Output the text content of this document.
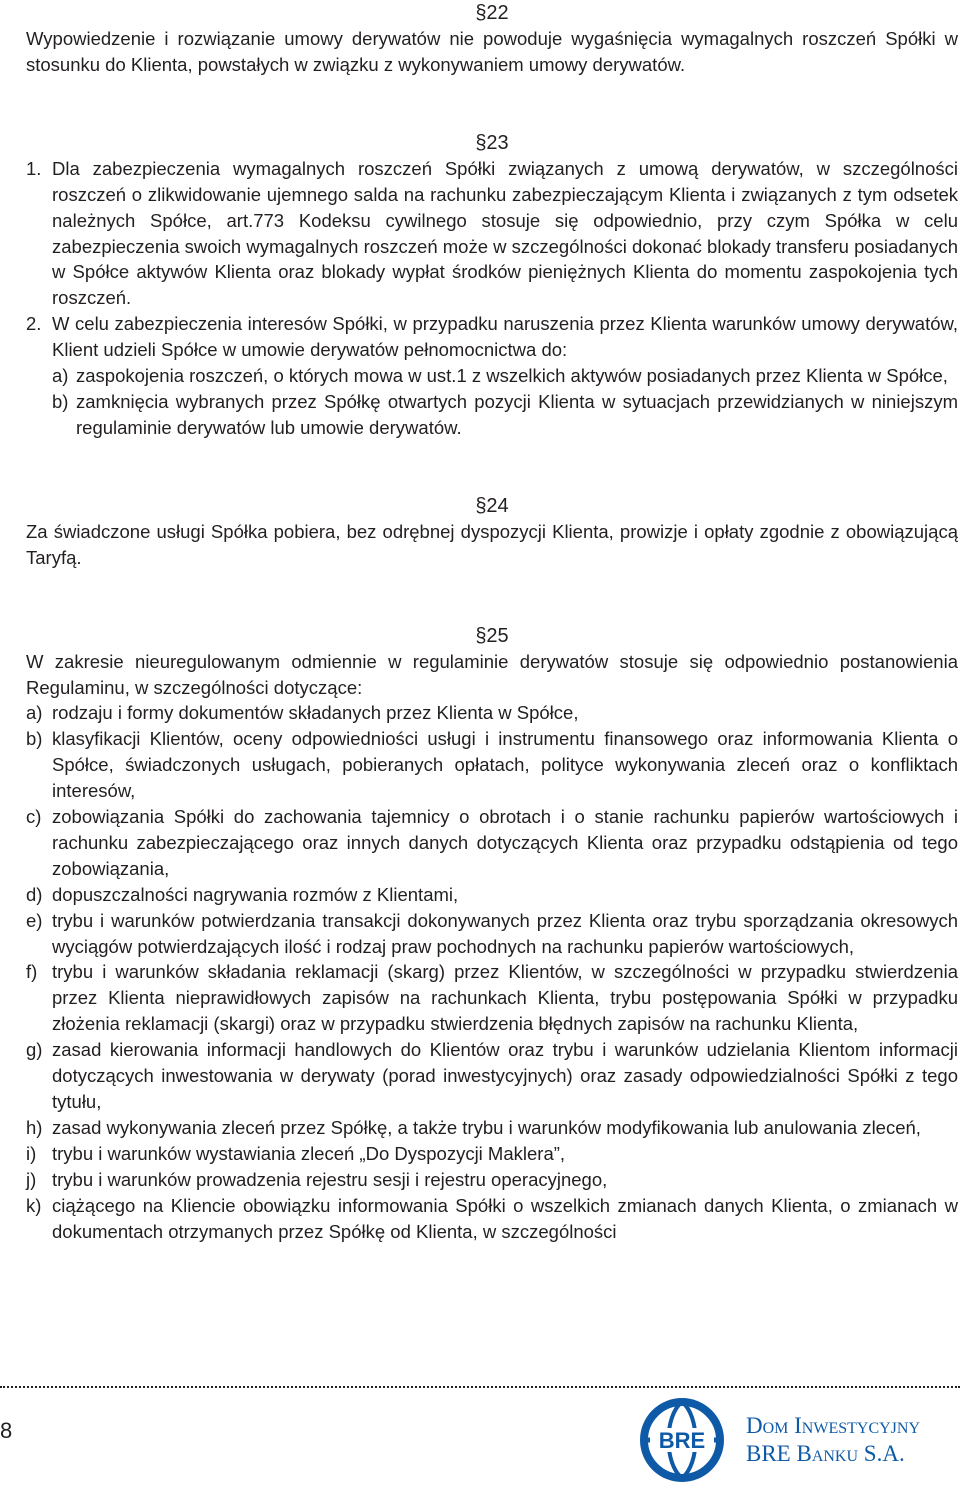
§22

Wypowiedzenie i rozwiązanie umowy derywatów nie powoduje wygaśnięcia wymagalnych roszczeń Spółki w stosunku do Klienta, powstałych w związku z wykonywaniem umowy derywatów.

§23
1. Dla zabezpieczenia wymagalnych roszczeń Spółki związanych z umową derywatów, w szczególności roszczeń o zlikwidowanie ujemnego salda na rachunku zabezpieczającym Klienta i związanych z tym odsetek należnych Spółce, art.773 Kodeksu cywilnego stosuje się odpowiednio, przy czym Spółka w celu zabezpieczenia swoich wymagalnych roszczeń może w szczególności dokonać blokady transferu posiadanych w Spółce aktywów Klienta oraz blokady wypłat środków pieniężnych Klienta do momentu zaspokojenia tych roszczeń.
2. W celu zabezpieczenia interesów Spółki, w przypadku naruszenia przez Klienta warunków umowy derywatów, Klient udzieli Spółce w umowie derywatów pełnomocnictwa do:
a) zaspokojenia roszczeń, o których mowa w ust.1 z wszelkich aktywów posiadanych przez Klienta w Spółce,
b) zamknięcia wybranych przez Spółkę otwartych pozycji Klienta w sytuacjach przewidzianych w niniejszym regulaminie derywatów lub umowie derywatów.
§24

Za świadczone usługi Spółka pobiera, bez odrębnej dyspozycji Klienta, prowizje i opłaty zgodnie z obowiązującą Taryfą.

§25

W zakresie nieuregulowanym odmiennie w regulaminie derywatów stosuje się odpowiednio postanowienia Regulaminu, w szczególności dotyczące:

a) rodzaju i formy dokumentów składanych przez Klienta w Spółce,
b) klasyfikacji Klientów, oceny odpowiedniości usługi i instrumentu finansowego oraz informowania Klienta o Spółce, świadczonych usługach, pobieranych opłatach, polityce wykonywania zleceń oraz o konfliktach interesów,
c) zobowiązania Spółki do zachowania tajemnicy o obrotach i o stanie rachunku papierów wartościowych i rachunku zabezpieczającego oraz innych danych dotyczących Klienta oraz przypadku odstąpienia od tego zobowiązania,
d) dopuszczalności nagrywania rozmów z Klientami,
e) trybu i warunków potwierdzania transakcji dokonywanych przez Klienta oraz trybu sporządzania okresowych wyciągów potwierdzających ilość i rodzaj praw pochodnych na rachunku papierów wartościowych,
f) trybu i warunków składania reklamacji (skarg) przez Klientów, w szczególności w przypadku stwierdzenia przez Klienta nieprawidłowych zapisów na rachunkach Klienta, trybu postępowania Spółki w przypadku złożenia reklamacji (skargi) oraz w przypadku stwierdzenia błędnych zapisów na rachunku Klienta,
g) zasad kierowania informacji handlowych do Klientów oraz trybu i warunków udzielania Klientom informacji dotyczących inwestowania w derywaty (porad inwestycyjnych) oraz zasady odpowiedzialności Spółki z tego tytułu,
h) zasad wykonywania zleceń przez Spółkę, a także trybu i warunków modyfikowania lub anulowania zleceń,
i) trybu i warunków wystawiania zleceń „Do Dyspozycji Maklera”,
j) trybu i warunków prowadzenia rejestru sesji i rejestru operacyjnego,
k) ciążącego na Kliencie obowiązku informowania Spółki o wszelkich zmianach danych Klienta, o zmianach w dokumentach otrzymanych przez Spółkę od Klienta, w szczególności
8	BRE
Dom Inwestycyjny
BRE Banku S.A.
